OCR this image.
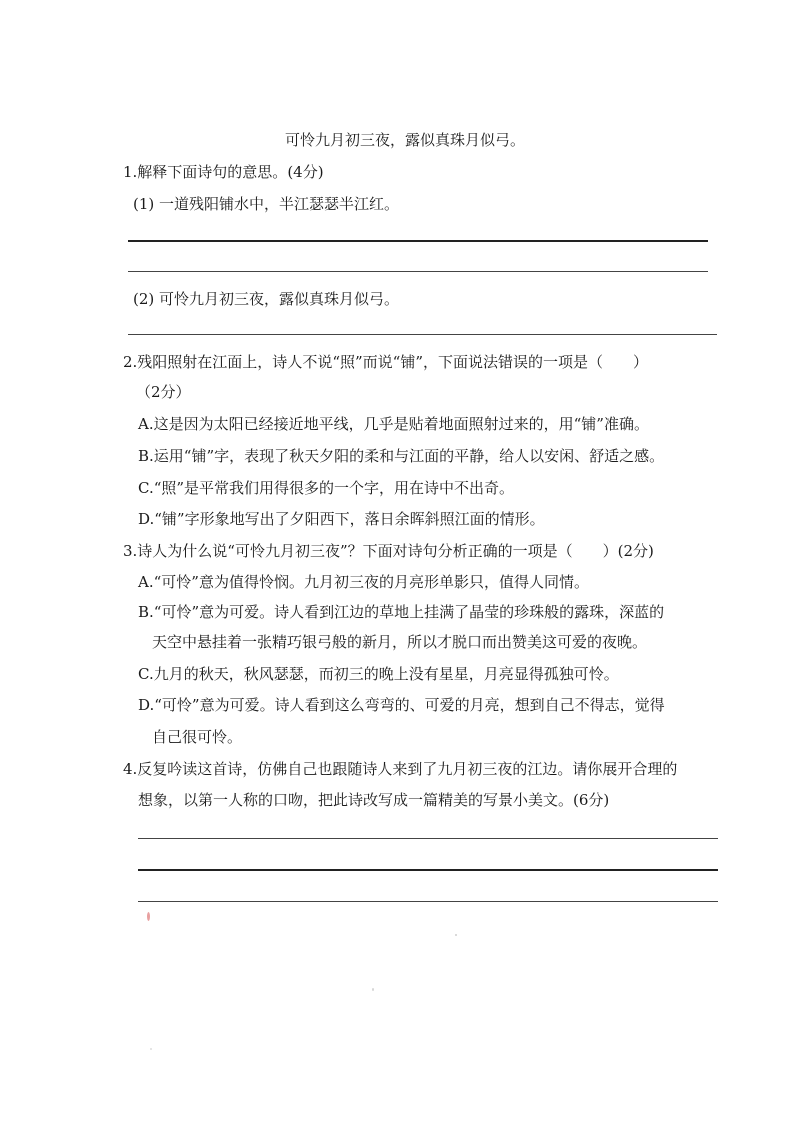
可怜九月初三夜，露似真珠月似弓。
1.解释下面诗句的意思。(4分)
(1) 一道残阳铺水中，半江瑟瑟半江红。
(2) 可怜九月初三夜，露似真珠月似弓。
2.残阳照射在江面上，诗人不说“照”而说“铺”，下面说法错误的一项是（　　）
（2分）
A.这是因为太阳已经接近地平线，几乎是贴着地面照射过来的，用“铺”准确。
B.运用“铺”字，表现了秋天夕阳的柔和与江面的平静，给人以安闲、舒适之感。
C.“照”是平常我们用得很多的一个字，用在诗中不出奇。
D.“铺”字形象地写出了夕阳西下，落日余晖斜照江面的情形。
3.诗人为什么说“可怜九月初三夜”？下面对诗句分析正确的一项是（　　）(2分)
A.“可怜”意为值得怜悯。九月初三夜的月亮形单影只，值得人同情。
B.“可怜”意为可爱。诗人看到江边的草地上挂满了晶莹的珍珠般的露珠，深蓝的
天空中悬挂着一张精巧银弓般的新月，所以才脱口而出赞美这可爱的夜晚。
C.九月的秋天，秋风瑟瑟，而初三的晚上没有星星，月亮显得孤独可怜。
D.“可怜”意为可爱。诗人看到这么弯弯的、可爱的月亮，想到自己不得志，觉得
自己很可怜。
4.反复吟读这首诗，仿佛自己也跟随诗人来到了九月初三夜的江边。请你展开合理的
想象，以第一人称的口吻，把此诗改写成一篇精美的写景小美文。(6分)
